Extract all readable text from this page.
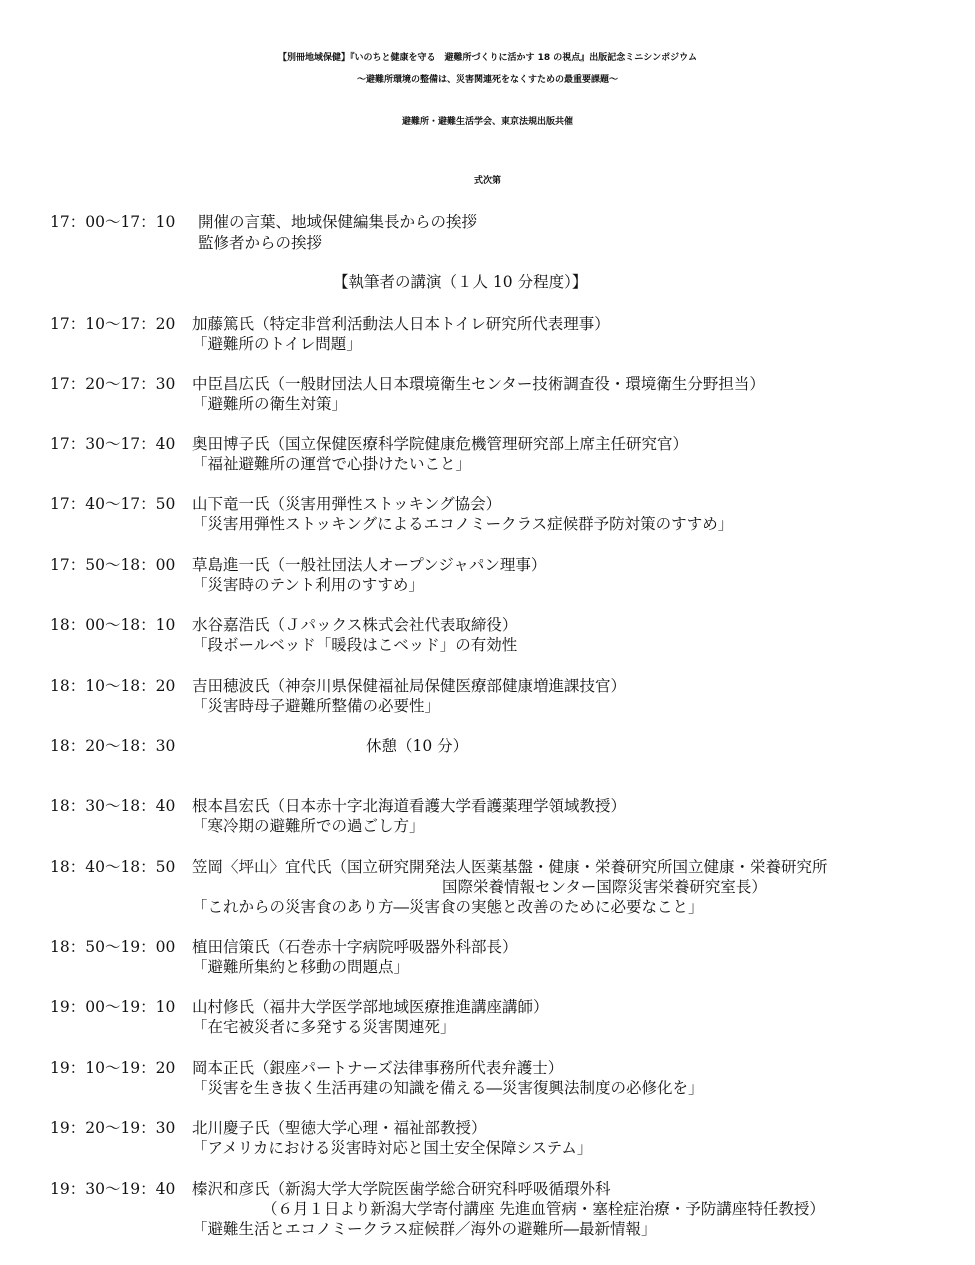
【別冊地域保健】『いのちと健康を守る　避難所づくりに活かす 18 の視点』出版記念ミニシンポジウム
～避難所環境の整備は、災害関連死をなくすための最重要課題～
避難所・避難生活学会、東京法規出版共催
式次第
17：00～17：10 開催の言葉、地域保健編集長からの挨拶
監修者からの挨拶
【執筆者の講演（１人 10 分程度）】
17：10～17：20 加藤篤氏（特定非営利活動法人日本トイレ研究所代表理事）
「避難所のトイレ問題」
17：20～17：30 中臣昌広氏（一般財団法人日本環境衛生センター技術調査役・環境衛生分野担当）
「避難所の衛生対策」
17：30～17：40 奥田博子氏（国立保健医療科学院健康危機管理研究部上席主任研究官）
「福祉避難所の運営で心掛けたいこと」
17：40～17：50 山下竜一氏（災害用弾性ストッキング協会）
「災害用弾性ストッキングによるエコノミークラス症候群予防対策のすすめ」
17：50～18：00 草島進一氏（一般社団法人オープンジャパン理事）
「災害時のテント利用のすすめ」
18：00～18：10 水谷嘉浩氏（Ｊパックス株式会社代表取締役）
「段ボールベッド「暖段はこベッド」の有効性
18：10～18：20 吉田穂波氏（神奈川県保健福祉局保健医療部健康増進課技官）
「災害時母子避難所整備の必要性」
18：20～18：30	休憩（10 分）
18：30～18：40 根本昌宏氏（日本赤十字北海道看護大学看護薬理学領域教授）
「寒冷期の避難所での過ごし方」
18：40～18：50 笠岡〈坪山〉宜代氏（国立研究開発法人医薬基盤・健康・栄養研究所国立健康・栄養研究所
国際栄養情報センター国際災害栄養研究室長）
「これからの災害食のあり方―災害食の実態と改善のために必要なこと」
18：50～19：00 植田信策氏（石巻赤十字病院呼吸器外科部長）
「避難所集約と移動の問題点」
19：00～19：10 山村修氏（福井大学医学部地域医療推進講座講師）
「在宅被災者に多発する災害関連死」
19：10～19：20 岡本正氏（銀座パートナーズ法律事務所代表弁護士）
「災害を生き抜く生活再建の知識を備える―災害復興法制度の必修化を」
19：20～19：30 北川慶子氏（聖徳大学心理・福祉部教授）
「アメリカにおける災害時対応と国土安全保障システム」
19：30～19：40 榛沢和彦氏（新潟大学大学院医歯学総合研究科呼吸循環外科
（６月１日より新潟大学寄付講座 先進血管病・塞栓症治療・予防講座特任教授）
「避難生活とエコノミークラス症候群／海外の避難所―最新情報」
